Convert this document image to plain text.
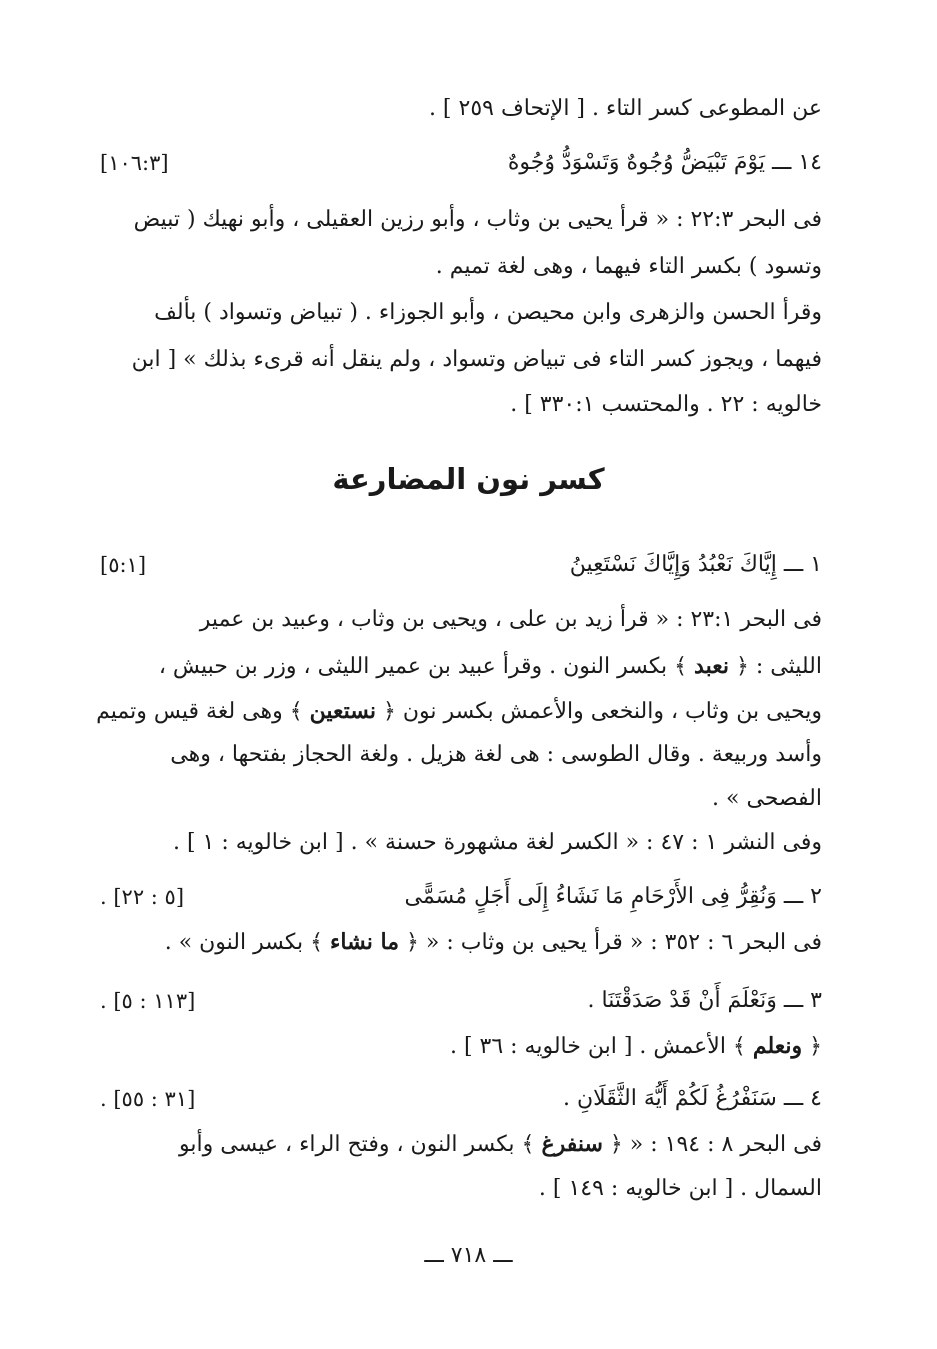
عن المطوعى كسر التاء . [ الإتحاف ٢٥٩ ] .
١٤ ـــ يَوْمَ تَبْيَضُّ وُجُوهٌ وَتَسْوَدُّ وُجُوهٌ
[١٠٦:٣]
فى البحر ٢٢:٣ : « قرأ يحيى بن وثاب ، وأبو رزين العقيلى ، وأبو نهيك ( تبيض
وتسود ) بكسر التاء فيهما ، وهى لغة تميم .
وقرأ الحسن والزهرى وابن محيصن ، وأبو الجوزاء . ( تبياض وتسواد ) بألف
فيهما ، ويجوز كسر التاء فى تبياض وتسواد ، ولم ينقل أنه قرىء بذلك » [ ابن
خالويه : ٢٢ . والمحتسب ٣٣٠:١ ] .
كسر نون المضارعة
١ ـــ إِيَّاكَ نَعْبُدُ وَإِيَّاكَ نَسْتَعِينُ
[٥:١]
فى البحر ٢٣:١ : « قرأ زيد بن على ، ويحيى بن وثاب ، وعبيد بن عمير
الليثى : ﴿ نعبد ﴾ بكسر النون . وقرأ عبيد بن عمير الليثى ، وزر بن حبيش ،
ويحيى بن وثاب ، والنخعى والأعمش بكسر نون ﴿ نستعين ﴾ وهى لغة قيس وتميم
وأسد وربيعة . وقال الطوسى : هى لغة هزيل . ولغة الحجاز بفتحها ، وهى
الفصحى » .
وفى النشر ١ : ٤٧ : « الكسر لغة مشهورة حسنة » . [ ابن خالويه : ١ ] .
٢ ـــ وَنُقِرُّ فِى الأَرْحَامِ مَا نَشَاءُ إِلَى أَجَلٍ مُسَمًّى
. [٥ : ٢٢]
فى البحر ٦ : ٣٥٢ : « قرأ يحيى بن وثاب : « ﴿ ما نشاء ﴾ بكسر النون » .
٣ ـــ وَنَعْلَمَ أَنْ قَدْ صَدَقْتَنَا .
. [١١٣ : ٥]
﴿ ونعلم ﴾ الأعمش . [ ابن خالويه : ٣٦ ] .
٤ ـــ سَنَفْرُغُ لَكُمْ أَيُّهَ الثَّقَلَانِ .
. [٣١ : ٥٥]
فى البحر ٨ : ١٩٤ : « ﴿ سنفرغ ﴾ بكسر النون ، وفتح الراء ، عيسى وأبو
السمال . [ ابن خالويه : ١٤٩ ] .
ـــ ٧١٨ ـــ
